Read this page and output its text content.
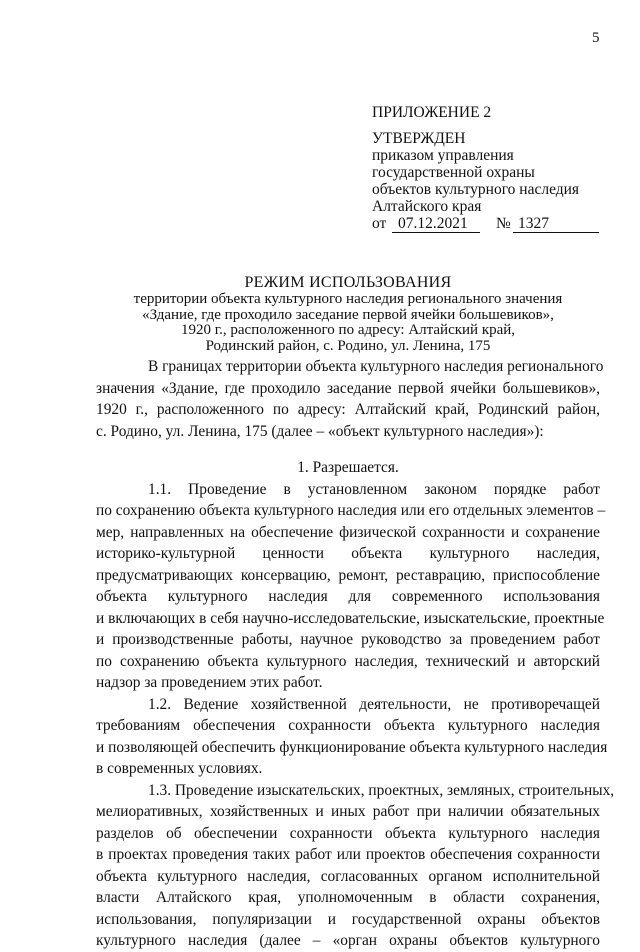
5
ПРИЛОЖЕНИЕ 2
УТВЕРЖДЕН
приказом управления
государственной охраны
объектов культурного наследия
Алтайского края
от 07.12.2021 № 1327
РЕЖИМ ИСПОЛЬЗОВАНИЯ
территории объекта культурного наследия регионального значения
«Здание, где проходило заседание первой ячейки большевиков»,
1920 г., расположенного по адресу: Алтайский край,
Родинский район, с. Родино, ул. Ленина, 175
В границах территории объекта культурного наследия регионального
значения «Здание, где проходило заседание первой ячейки большевиков»,
1920 г., расположенного по адресу: Алтайский край, Родинский район,
с. Родино, ул. Ленина, 175 (далее – «объект культурного наследия»):
1. Разрешается.
1.1. Проведение в установленном законом порядке работ
по сохранению объекта культурного наследия или его отдельных элементов –
мер, направленных на обеспечение физической сохранности и сохранение
историко-культурной ценности объекта культурного наследия,
предусматривающих консервацию, ремонт, реставрацию, приспособление
объекта культурного наследия для современного использования
и включающих в себя научно-исследовательские, изыскательские, проектные
и производственные работы, научное руководство за проведением работ
по сохранению объекта культурного наследия, технический и авторский
надзор за проведением этих работ.
1.2. Ведение хозяйственной деятельности, не противоречащей
требованиям обеспечения сохранности объекта культурного наследия
и позволяющей обеспечить функционирование объекта культурного наследия
в современных условиях.
1.3. Проведение изыскательских, проектных, земляных, строительных,
мелиоративных, хозяйственных и иных работ при наличии обязательных
разделов об обеспечении сохранности объекта культурного наследия
в проектах проведения таких работ или проектов обеспечения сохранности
объекта культурного наследия, согласованных органом исполнительной
власти Алтайского края, уполномоченным в области сохранения,
использования, популяризации и государственной охраны объектов
культурного наследия (далее – «орган охраны объектов культурного
